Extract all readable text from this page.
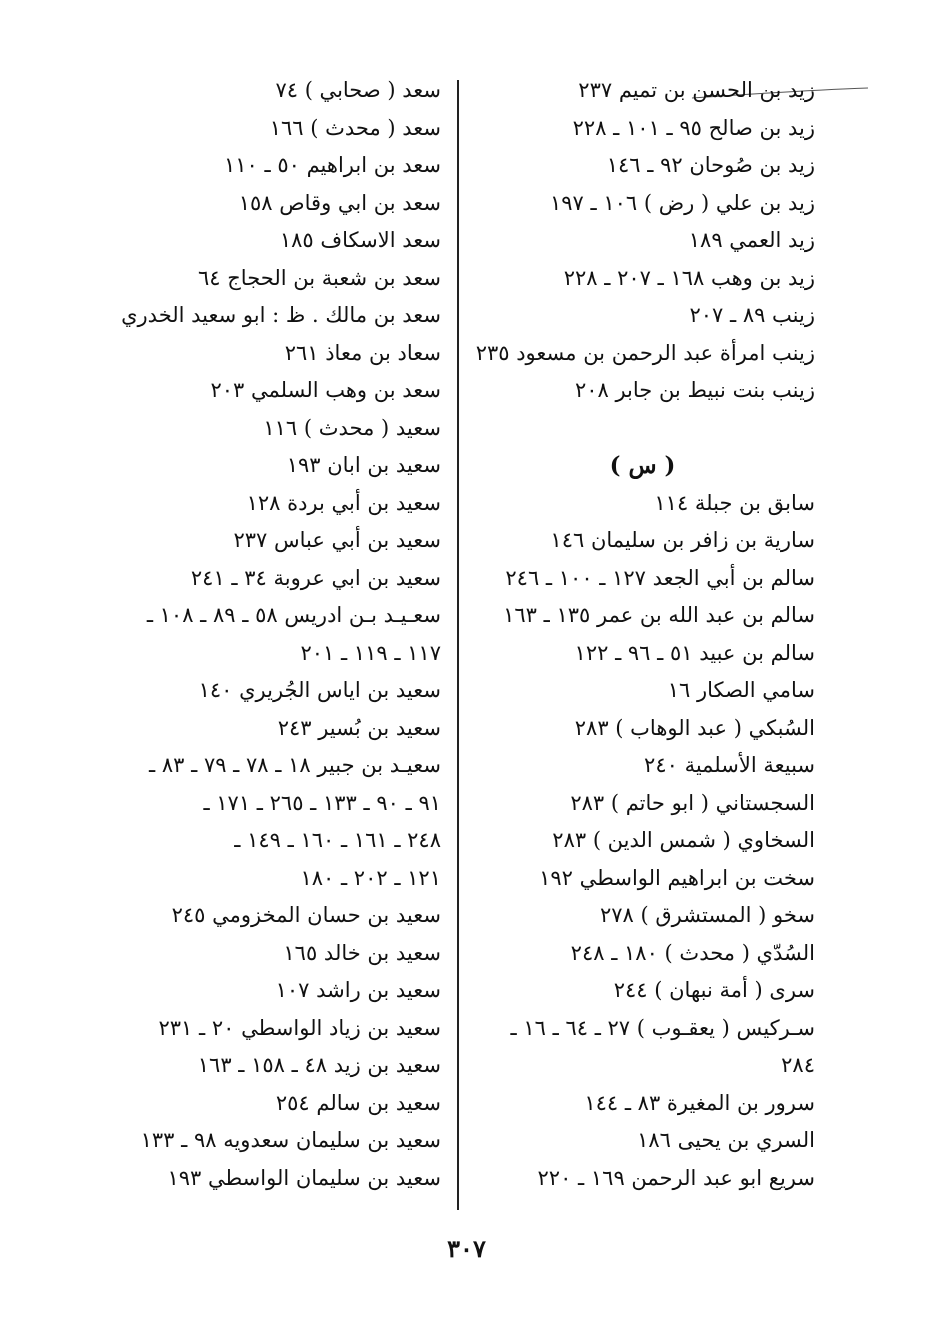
زيد بن الحسن بن تميم ٢٣٧
زيد بن صالح ٩٥ ـ ١٠١ ـ ٢٢٨
زيد بن صُوحان ٩٢ ـ ١٤٦
زيد بن علي ( رض ) ١٠٦ ـ ١٩٧
زيد العمي ١٨٩
زيد بن وهب ١٦٨ ـ ٢٠٧ ـ ٢٢٨
زينب ٨٩ ـ ٢٠٧
زينب امرأة عبد الرحمن بن مسعود ٢٣٥
زينب بنت نبيط بن جابر ٢٠٨
( س )
سابق بن جبلة ١١٤
سارية بن زافر بن سليمان ١٤٦
سالم بن أبي الجعد ١٢٧ ـ ١٠٠ ـ ٢٤٦
سالم بن عبد الله بن عمر ١٣٥ ـ ١٦٣
سالم بن عبيد ٥١ ـ ٩٦ ـ ١٢٢
سامي الصكار ١٦
السُبكي ( عبد الوهاب ) ٢٨٣
سبيعة الأسلمية ٢٤٠
السجستاني ( ابو حاتم ) ٢٨٣
السخاوي ( شمس الدين ) ٢٨٣
سخت بن ابراهيم الواسطي ١٩٢
سخو ( المستشرق ) ٢٧٨
السُدّي ( محدث ) ١٨٠ ـ ٢٤٨
سرى ( أمة نبهان ) ٢٤٤
سـركيس ( يعقـوب ) ٢٧ ـ ٦٤ ـ ١٦ ـ
٢٨٤
سرور بن المغيرة ٨٣ ـ ١٤٤
السري بن يحيى ١٨٦
سريع ابو عبد الرحمن ١٦٩ ـ ٢٢٠
سعد ( صحابي ) ٧٤
سعد ( محدث ) ١٦٦
سعد بن ابراهيم ٥٠ ـ ١١٠
سعد بن ابي وقاص ١٥٨
سعد الاسكاف ١٨٥
سعد بن شعبة بن الحجاج ٦٤
سعد بن مالك . ظ : ابو سعيد الخدري
سعاد بن معاذ ٢٦١
سعد بن وهب السلمي ٢٠٣
سعيد ( محدث ) ١١٦
سعيد بن ابان ١٩٣
سعيد بن أبي بردة ١٢٨
سعيد بن أبي عباس ٢٣٧
سعيد بن ابي عروبة ٣٤ ـ ٢٤١
سعـيـد بـن ادريس ٥٨ ـ ٨٩ ـ ١٠٨ ـ
١١٧ ـ ١١٩ ـ ٢٠١
سعيد بن اياس الجُريري ١٤٠
سعيد بن بُسير ٢٤٣
سعيـد بن جبير ١٨ ـ ٧٨ ـ ٧٩ ـ ٨٣ ـ
٩١ ـ ٩٠ ـ ١٣٣ ـ ٢٦٥ ـ ١٧١ ـ
٢٤٨ ـ ١٦١ ـ ١٦٠ ـ ١٤٩ ـ
١٢١ ـ ٢٠٢ ـ ١٨٠
سعيد بن حسان المخزومي ٢٤٥
سعيد بن خالد ١٦٥
سعيد بن راشد ١٠٧
سعيد بن زياد الواسطي ٢٠ ـ ٢٣١
سعيد بن زيد ٤٨ ـ ١٥٨ ـ ١٦٣
سعيد بن سالم ٢٥٤
سعيد بن سليمان سعدويه ٩٨ ـ ١٣٣
سعيد بن سليمان الواسطي ١٩٣
٣٠٧
